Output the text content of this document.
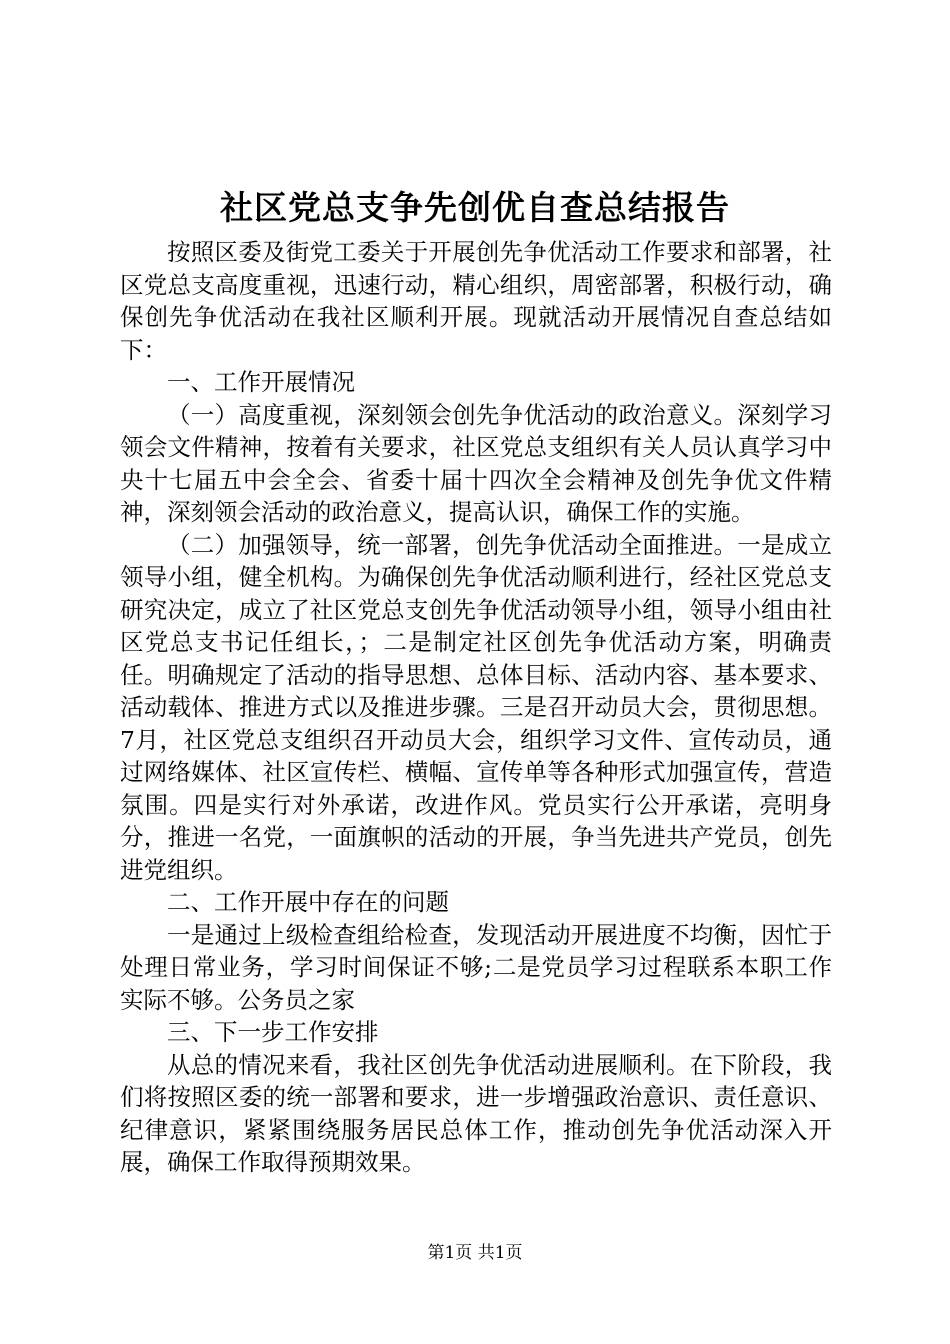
社区党总支争先创优自查总结报告

按照区委及街党工委关于开展创先争优活动工作要求和部署，社区党总支高度重视，迅速行动，精心组织，周密部署，积极行动，确保创先争优活动在我社区顺利开展。现就活动开展情况自查总结如下：

一、工作开展情况

（一）高度重视，深刻领会创先争优活动的政治意义。深刻学习领会文件精神，按着有关要求，社区党总支组织有关人员认真学习中央十七届五中会全会、省委十届十四次全会精神及创先争优文件精神，深刻领会活动的政治意义，提高认识，确保工作的实施。

（二）加强领导，统一部署，创先争优活动全面推进。一是成立领导小组，健全机构。为确保创先争优活动顺利进行，经社区党总支研究决定，成立了社区党总支创先争优活动领导小组，领导小组由社区党总支书记任组长，；二是制定社区创先争优活动方案，明确责任。明确规定了活动的指导思想、总体目标、活动内容、基本要求、活动载体、推进方式以及推进步骤。三是召开动员大会，贯彻思想。7月，社区党总支组织召开动员大会，组织学习文件、宣传动员，通过网络媒体、社区宣传栏、横幅、宣传单等各种形式加强宣传，营造氛围。四是实行对外承诺，改进作风。党员实行公开承诺，亮明身分，推进一名党，一面旗帜的活动的开展，争当先进共产党员，创先进党组织。

二、工作开展中存在的问题

一是通过上级检查组给检查，发现活动开展进度不均衡，因忙于处理日常业务，学习时间保证不够;二是党员学习过程联系本职工作实际不够。公务员之家

三、下一步工作安排

从总的情况来看，我社区创先争优活动进展顺利。在下阶段，我们将按照区委的统一部署和要求，进一步增强政治意识、责任意识、纪律意识，紧紧围绕服务居民总体工作，推动创先争优活动深入开展，确保工作取得预期效果。

第1页 共1页
